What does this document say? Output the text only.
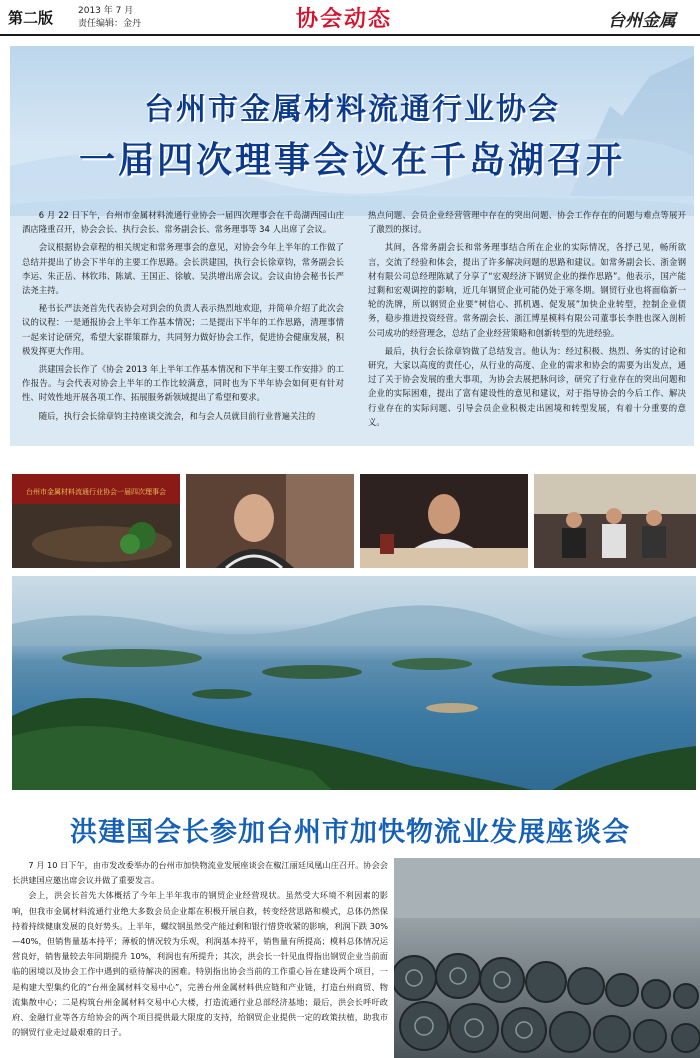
第二版	2013 年 7 月
责任编辑：金丹	协会动态	台州金属
台州市金属材料流通行业协会
一届四次理事会议在千岛湖召开

6 月 22 日下午，台州市金属材料流通行业协会一届四次理事会在千岛湖西园山庄酒店隆重召开，协会会长、执行会长、常务副会长、常务理事等 34 人出席了会议。

会议根据协会章程的相关规定和常务理事会的意见，对协会今年上半年的工作做了总结并提出了协会下半年的主要工作思路。会长洪建国，执行会长徐章钧，常务副会长李运、朱正岳、林钦玮、陈斌、王国正、徐敏、吴洪增出席会议。会议由协会秘书长严法尧主持。

秘书长严法尧首先代表协会对到会的负责人表示热烈地欢迎，并简单介绍了此次会议的议程：一是通报协会上半年工作基本情况；二是提出下半年的工作思路，清理事情一起来讨论研究，希望大家群策群力，共同努力做好协会工作，促进协会健康发展，积极发挥更大作用。

洪建国会长作了《协会 2013 年上半年工作基本情况和下半年主要工作安排》的工作报告。与会代表对协会上半年的工作比较满意，同时也为下半年协会如何更有针对性、时效性地开展各项工作、拓展服务新领域提出了希望和要求。

随后，执行会长徐章钧主持座谈交流会，和与会人员就目前行业普遍关注的

热点问题、会员企业经营管理中存在的突出问题、协会工作存在的问题与难点等展开了激烈的探讨。

其间，各常务副会长和常务理事结合所在企业的实际情况，各抒己见，畅所欲言，交流了经验和体会，提出了许多解决问题的思路和建议。如常务副会长、浙金钢材有限公司总经理陈斌了分享了“宏观经济下钢贸企业的操作思路”。他表示，国产能过剩和宏观调控的影响，近几年钢贸企业可能仍处于寒冬期。钢贸行业也将面临新一轮的洗牌，所以钢贸企业要“树信心、抓机遇、促发展”加快企业转型，控制企业债务，稳步推进投资经营。常务副会长、浙江博星模料有限公司董事长李胜也深入剖析公司成功的经营理念，总结了企业经营策略和创新转型的先进经验。

最后，执行会长徐章钧做了总结发言。他认为：经过积极、热烈、务实的讨论和研究，大家以高度的责任心，从行业的高度、企业的需求和协会的需要为出发点，通过了关于协会发展的重大事项，为协会去展把脉问诊，研究了行业存在的突出问题和企业的实际困难，提出了富有建设性的意见和建议，对于指导协会的今后工作、解决行业存在的实际问题、引导会员企业积极走出困境和转型发展，有着十分重要的意义。

台州市金属材料流通行业协会一届四次理事会
洪建国会长参加台州市加快物流业发展座谈会

7 月 10 日下午，由市发改委举办的台州市加快物流业发展座谈会在椒江丽廷凤凰山庄召开。协会会长洪建国应邀出席会议并做了重要发言。

会上，洪会长首先大体概括了今年上半年我市的钢贸企业经营现状。虽然受大环境不利因素的影响，但我市金属材料流通行业绝大多数会员企业都在积极开展自救，转变经营思路和模式，总体仍然保持着持续健康发展的良好势头。上半年，螺纹钢虽然受产能过剩和银行惜贷收紧的影响，利润下跌 30%—40%，但销售量基本持平；薄板的情况较为乐观，利润基本持平，销售量有所提高；模料总体情况运营良好，销售量较去年同期提升 10%，利润也有所提升；其次，洪会长一针见血得指出钢贸企业当前面临的困境以及协会工作中遇到的亟待解决的困难。特别指出协会当前的工作重心旨在建设两个项目，一是构建大型集约化的“台州金属材料交易中心”，完善台州金属材料供应链和产业链，打造台州商贸、物流集散中心；二是构筑台州金属材料交易中心大楼，打造流通行业总部经济基地；最后，洪会长呼吁政府、金融行业等各方给协会的两个项目提供最大限度的支持，给钢贸企业提供一定的政策扶植，助我市的钢贸行业走过最艰难的日子。
